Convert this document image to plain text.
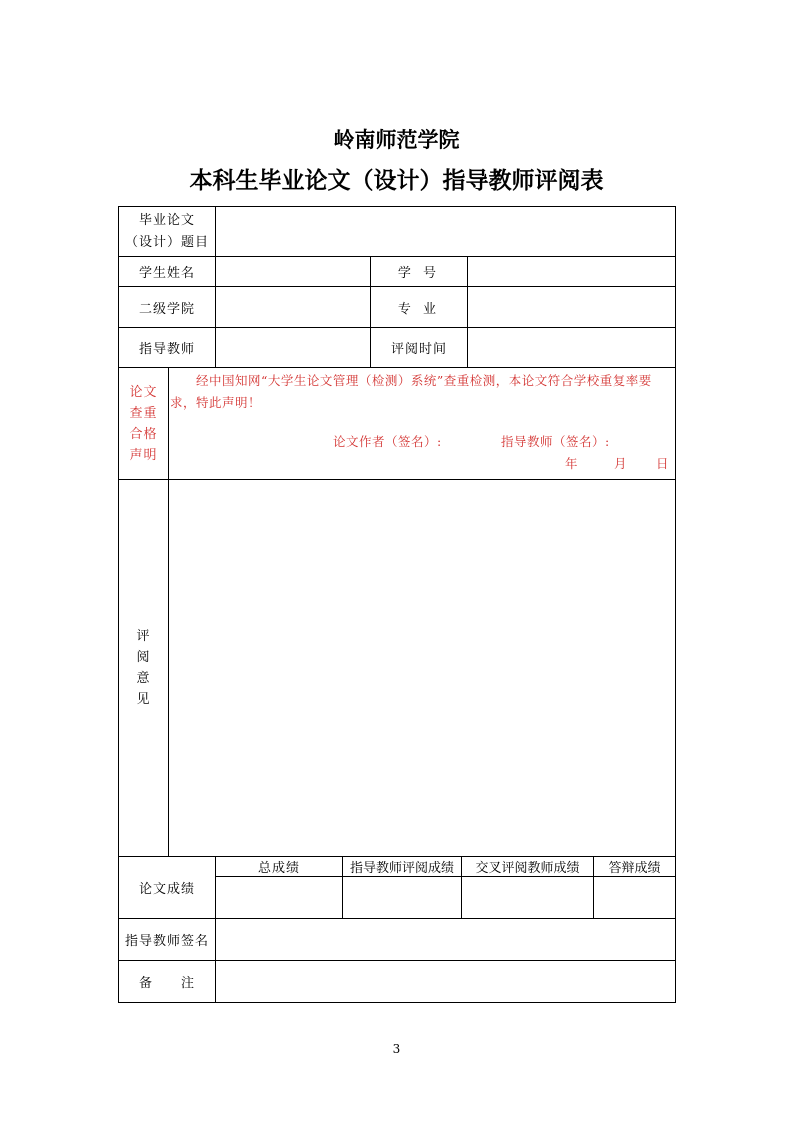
岭南师范学院
本科生毕业论文（设计）指导教师评阅表
毕业论文
（设计）题目
学生姓名	学 号
二级学院	专 业
指导教师	评阅时间
论文
查重
合格
声明
经中国知网“大学生论文管理（检测）系统”查重检测，本论文符合学校重复率要求，特此声明！
论文作者（签名）:	指导教师（签名）:
年	月 日
评
阅
意
见
论文成绩
总成绩	指导教师评阅成绩	交叉评阅教师成绩	答辩成绩
指导教师签名
备　　注
3
